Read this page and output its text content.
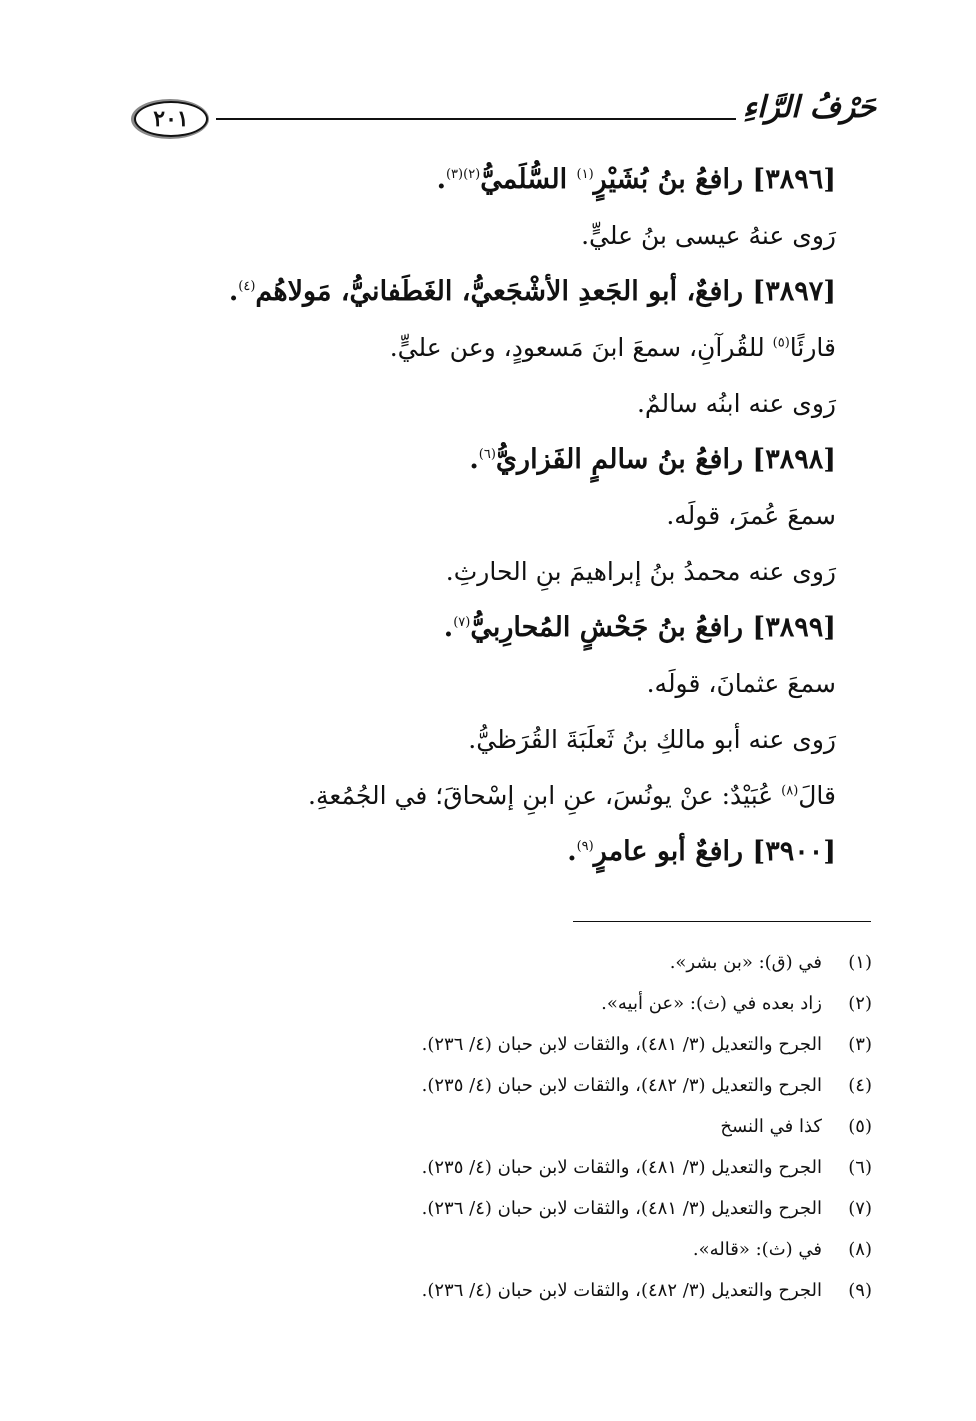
٢٠١	حَرْفُ الرَّاءِ
[٣٨٩٦] رافعُ بنُ بُشَيْرٍ$^{(١)}$ السُّلَميُّ$^{(٢)(٣)}$.
رَوى عنهُ عيسى بنُ عليٍّ.
[٣٨٩٧] رافعٌ، أبو الجَعدِ الأشْجَعيُّ، الغَطَفانيُّ، مَولاهُم$^{(٤)}$.
قارئًا$^{(٥)}$ للقُرآنِ، سمعَ ابنَ مَسعودٍ، وعن عليٍّ.
رَوى عنه ابنُه سالمٌ.
[٣٨٩٨] رافعُ بنُ سالمٍ الفَزاريُّ$^{(٦)}$.
سمعَ عُمرَ، قولَه.
رَوى عنه محمدُ بنُ إبراهيمَ بنِ الحارثِ.
[٣٨٩٩] رافعُ بنُ جَحْشٍ المُحارِبيُّ$^{(٧)}$.
سمعَ عثمانَ، قولَه.
رَوى عنه أبو مالكِ بنُ ثَعلَبَةَ القُرَظيُّ.
قالَ$^{(٨)}$ عُبَيْدٌ: عنْ يونُسَ، عنِ ابنِ إسْحاقَ؛ في الجُمُعةِ.
[٣٩٠٠] رافعٌ أبو عامرٍ$^{(٩)}$.
(١)في (ق): «بن بشر».
(٢)زاد بعده في (ث): «عن أبيه».
(٣)الجرح والتعديل (٣/ ٤٨١)، والثقات لابن حبان (٤/ ٢٣٦).
(٤)الجرح والتعديل (٣/ ٤٨٢)، والثقات لابن حبان (٤/ ٢٣٥).
(٥)كذا في النسخ
(٦)الجرح والتعديل (٣/ ٤٨١)، والثقات لابن حبان (٤/ ٢٣٥).
(٧)الجرح والتعديل (٣/ ٤٨١)، والثقات لابن حبان (٤/ ٢٣٦).
(٨)في (ث): «قاله».
(٩)الجرح والتعديل (٣/ ٤٨٢)، والثقات لابن حبان (٤/ ٢٣٦).
